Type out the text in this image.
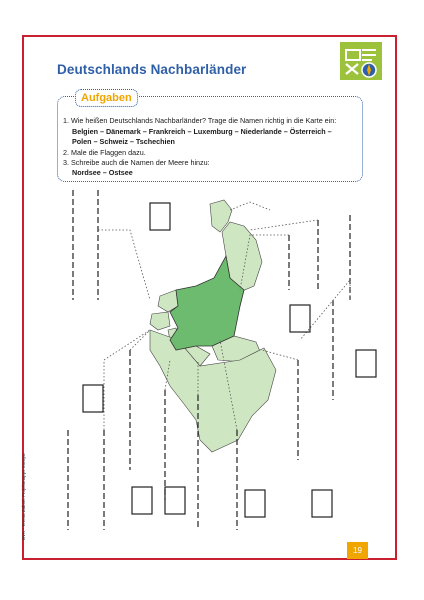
Deutschlands Nachbarländer
Aufgaben
1. Wie heißen Deutschlands Nachbarländer? Trage die Namen richtig in die Karte ein:
Belgien – Dänemark – Frankreich – Luxemburg – Niederlande – Österreich –
Polen – Schweiz – Tschechien
2. Male die Flaggen dazu.
3. Schreibe auch die Namen der Meere hinzu:
Nordsee – Ostsee
BVK • Teresa Zabori: Projektmappe Europa
19
